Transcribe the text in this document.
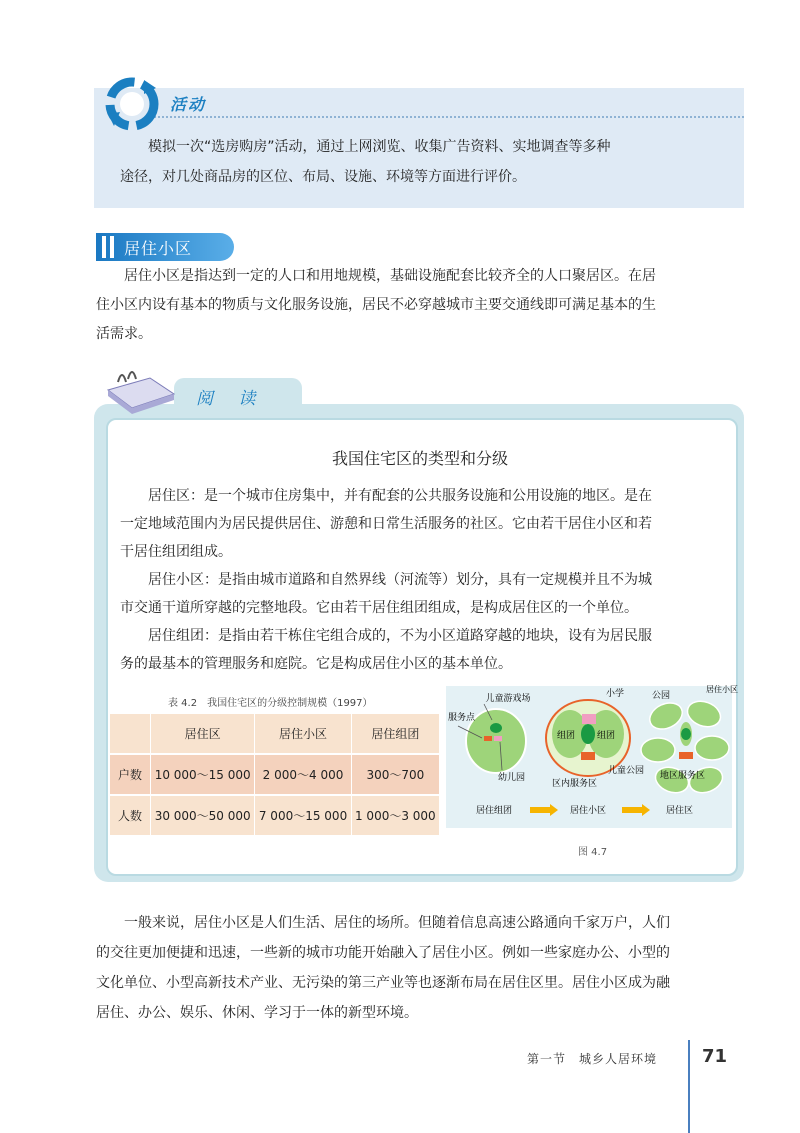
活动

模拟一次“选房购房”活动，通过上网浏览、收集广告资料、实地调查等多种

途径，对几处商品房的区位、布局、设施、环境等方面进行评价。

居住小区

居住小区是指达到一定的人口和用地规模，基础设施配套比较齐全的人口聚居区。在居

住小区内设有基本的物质与文化服务设施，居民不必穿越城市主要交通线即可满足基本的生

活需求。

阅 读
我国住宅区的类型和分级

居住区：是一个城市住房集中，并有配套的公共服务设施和公用设施的地区。是在

一定地域范围内为居民提供居住、游憩和日常生活服务的社区。它由若干居住小区和若

干居住组团组成。

居住小区：是指由城市道路和自然界线（河流等）划分，具有一定规模并且不为城

市交通干道所穿越的完整地段。它由若干居住组团组成，是构成居住区的一个单位。

居住组团：是指由若干栋住宅组合成的，不为小区道路穿越的地块，设有为居民服

务的最基本的管理服务和庭院。它是构成居住小区的基本单位。

表 4.2　我国住宅区的分级控制规模（1997）
	居住区	居住小区	居住组团
户数	10 000～15 000	2 000～4 000	300～700
人数	30 000～50 000	7 000～15 000	1 000～3 000
儿童游戏场
服务点
幼儿园
组团 组团
小学
儿童公园
区内服务区
公园
居住小区
地区服务区
居住组团	居住小区	居住区
图 4.7

一般来说，居住小区是人们生活、居住的场所。但随着信息高速公路通向千家万户，人们

的交往更加便捷和迅速，一些新的城市功能开始融入了居住小区。例如一些家庭办公、小型的

文化单位、小型高新技术产业、无污染的第三产业等也逐渐布局在居住区里。居住小区成为融

居住、办公、娱乐、休闲、学习于一体的新型环境。

第一节　城乡人居环境 71
